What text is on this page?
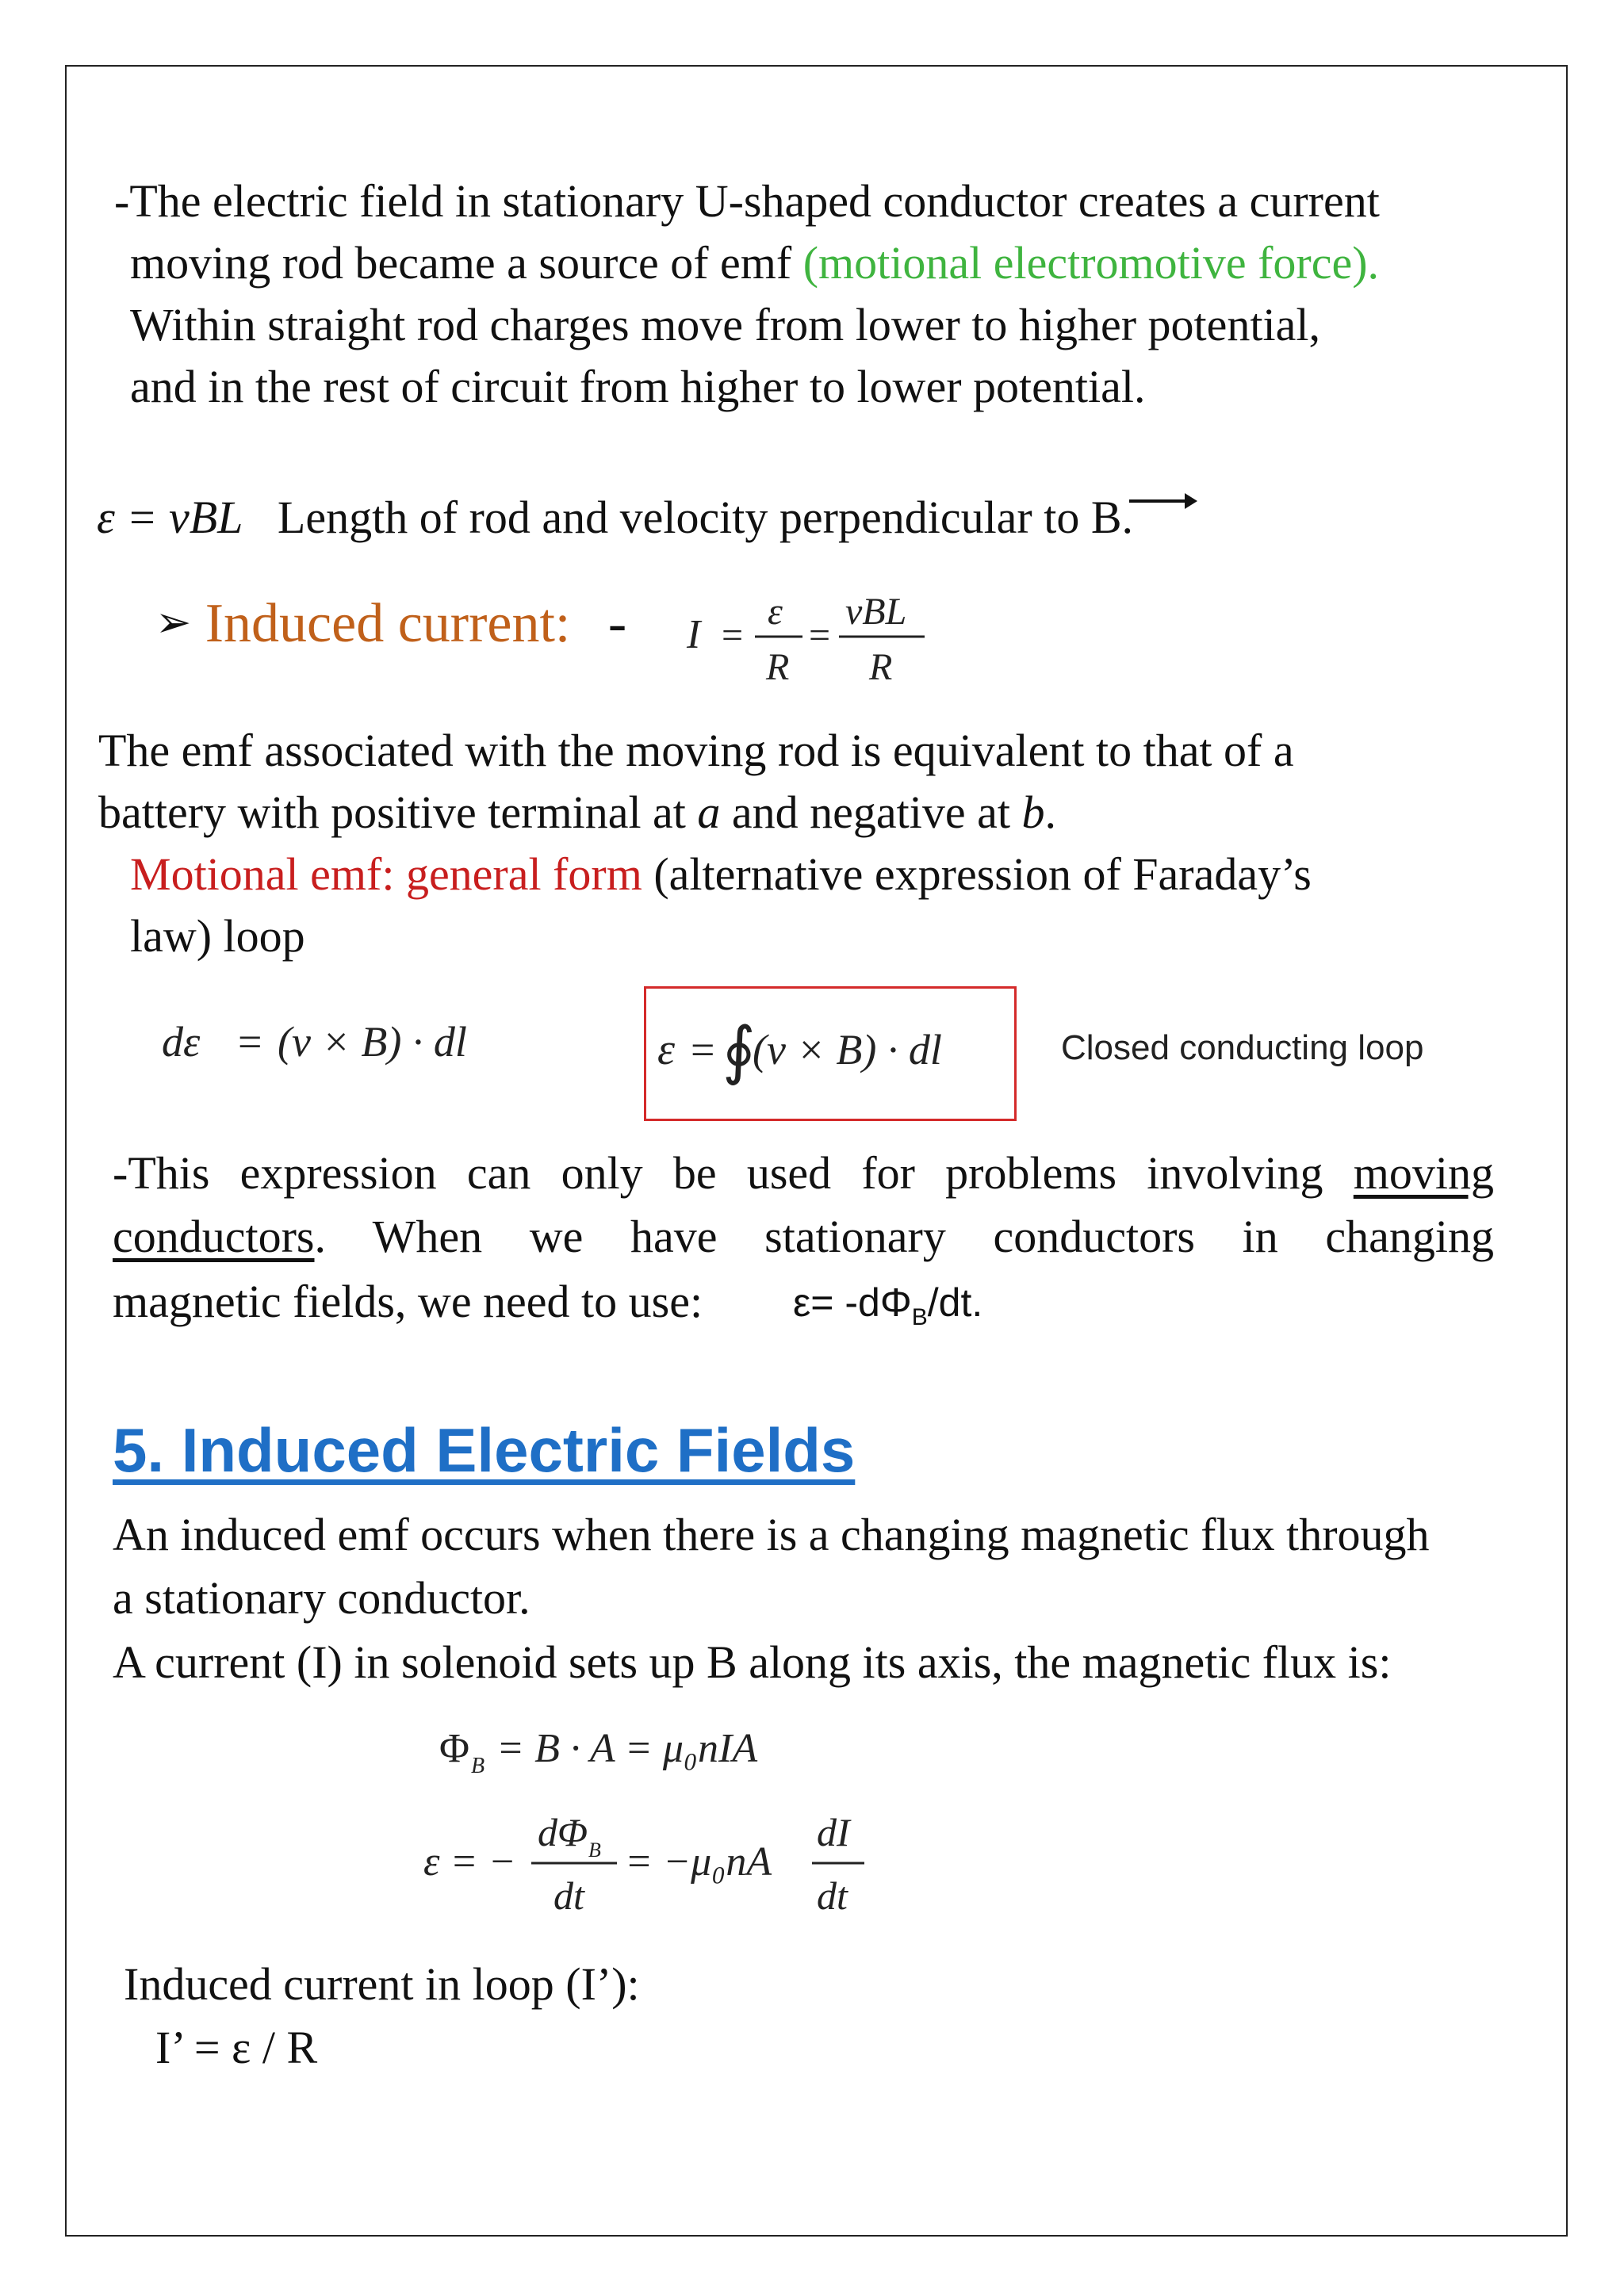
-The electric field in stationary U-shaped conductor creates a current
moving rod became a source of emf (motional electromotive force).
Within straight rod charges move from lower to higher potential,
and in the rest of circuit from higher to lower potential.
ε = vBL Length of rod and velocity perpendicular to B.
➢ Induced current: - I =
ε
R
=
vBL
R
The emf associated with the moving rod is equivalent to that of a
battery with positive terminal at a and negative at b.
Motional emf: general form (alternative expression of Faraday’s
law) loop
dε = (v × B) · dl	ε = ∮
(v × B) · dl	Closed conducting loop
-This expression can only be used for problems involving moving
conductors. When we have stationary conductors in changing
magnetic fields, we need to use: $\varepsilon= -d\Phi_B/dt$.
5. Induced Electric Fields
An induced emf occurs when there is a changing magnetic flux through
a stationary conductor.
A current (I) in solenoid sets up B along its axis, the magnetic flux is:
Φ B = B · A = μ₀nIA
ε = −
dΦ B
dt
= −μ₀nA
dI
dt
Induced current in loop (I’):
I’ = ε / R
